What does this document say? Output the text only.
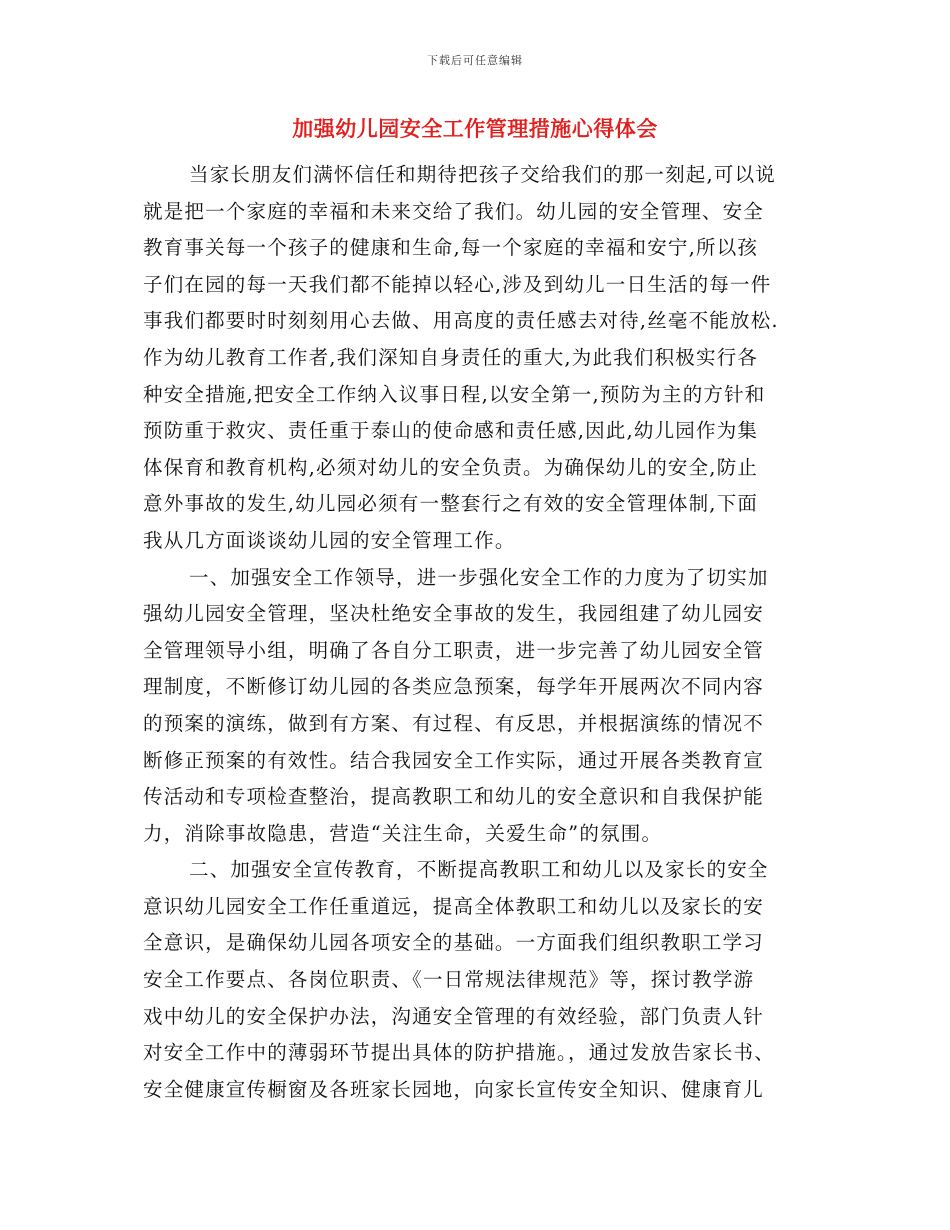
下载后可任意编辑
加强幼儿园安全工作管理措施心得体会
当家长朋友们满怀信任和期待把孩子交给我们的那一刻起,可以说
就是把一个家庭的幸福和未来交给了我们。幼儿园的安全管理、安全
教育事关每一个孩子的健康和生命,每一个家庭的幸福和安宁,所以孩
子们在园的每一天我们都不能掉以轻心,涉及到幼儿一日生活的每一件
事我们都要时时刻刻用心去做、用高度的责任感去对待,丝毫不能放松.
作为幼儿教育工作者,我们深知自身责任的重大,为此我们积极实行各
种安全措施,把安全工作纳入议事日程,以安全第一,预防为主的方针和
预防重于救灾、责任重于泰山的使命感和责任感,因此,幼儿园作为集
体保育和教育机构,必须对幼儿的安全负责。为确保幼儿的安全,防止
意外事故的发生,幼儿园必须有一整套行之有效的安全管理体制,下面
我从几方面谈谈幼儿园的安全管理工作。
一、加强安全工作领导，进一步强化安全工作的力度为了切实加
强幼儿园安全管理，坚决杜绝安全事故的发生，我园组建了幼儿园安
全管理领导小组，明确了各自分工职责，进一步完善了幼儿园安全管
理制度，不断修订幼儿园的各类应急预案，每学年开展两次不同内容
的预案的演练，做到有方案、有过程、有反思，并根据演练的情况不
断修正预案的有效性。结合我园安全工作实际，通过开展各类教育宣
传活动和专项检查整治，提高教职工和幼儿的安全意识和自我保护能
力，消除事故隐患，营造“关注生命，关爱生命”的氛围。
二、加强安全宣传教育，不断提高教职工和幼儿以及家长的安全
意识幼儿园安全工作任重道远，提高全体教职工和幼儿以及家长的安
全意识，是确保幼儿园各项安全的基础。一方面我们组织教职工学习
安全工作要点、各岗位职责、《一日常规法律规范》等，探讨教学游
戏中幼儿的安全保护办法，沟通安全管理的有效经验，部门负责人针
对安全工作中的薄弱环节提出具体的防护措施。，通过发放告家长书、
安全健康宣传橱窗及各班家长园地，向家长宣传安全知识、健康育儿
